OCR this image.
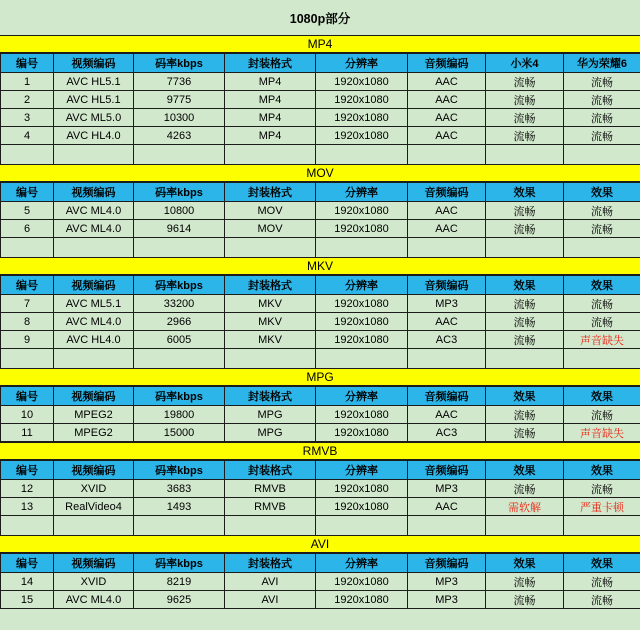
1080p部分
MP4
编号	视频编码	码率kbps	封装格式	分辨率	音频编码	小米4	华为荣耀6
1	AVC HL5.1	7736	MP4	1920x1080	AAC	流畅	流畅
2	AVC HL5.1	9775	MP4	1920x1080	AAC	流畅	流畅
3	AVC ML5.0	10300	MP4	1920x1080	AAC	流畅	流畅
4	AVC HL4.0	4263	MP4	1920x1080	AAC	流畅	流畅

MOV
编号	视频编码	码率kbps	封装格式	分辨率	音频编码	效果	效果
5	AVC ML4.0	10800	MOV	1920x1080	AAC	流畅	流畅
6	AVC ML4.0	9614	MOV	1920x1080	AAC	流畅	流畅

MKV
编号	视频编码	码率kbps	封装格式	分辨率	音频编码	效果	效果
7	AVC ML5.1	33200	MKV	1920x1080	MP3	流畅	流畅
8	AVC ML4.0	2966	MKV	1920x1080	AAC	流畅	流畅
9	AVC HL4.0	6005	MKV	1920x1080	AC3	流畅	声音缺失

MPG
编号	视频编码	码率kbps	封装格式	分辨率	音频编码	效果	效果
10	MPEG2	19800	MPG	1920x1080	AAC	流畅	流畅
11	MPEG2	15000	MPG	1920x1080	AC3	流畅	声音缺失
RMVB
编号	视频编码	码率kbps	封装格式	分辨率	音频编码	效果	效果
12	XVID	3683	RMVB	1920x1080	MP3	流畅	流畅
13	RealVideo4	1493	RMVB	1920x1080	AAC	需软解	严重卡顿

AVI
编号	视频编码	码率kbps	封装格式	分辨率	音频编码	效果	效果
14	XVID	8219	AVI	1920x1080	MP3	流畅	流畅
15	AVC ML4.0	9625	AVI	1920x1080	MP3	流畅	流畅
